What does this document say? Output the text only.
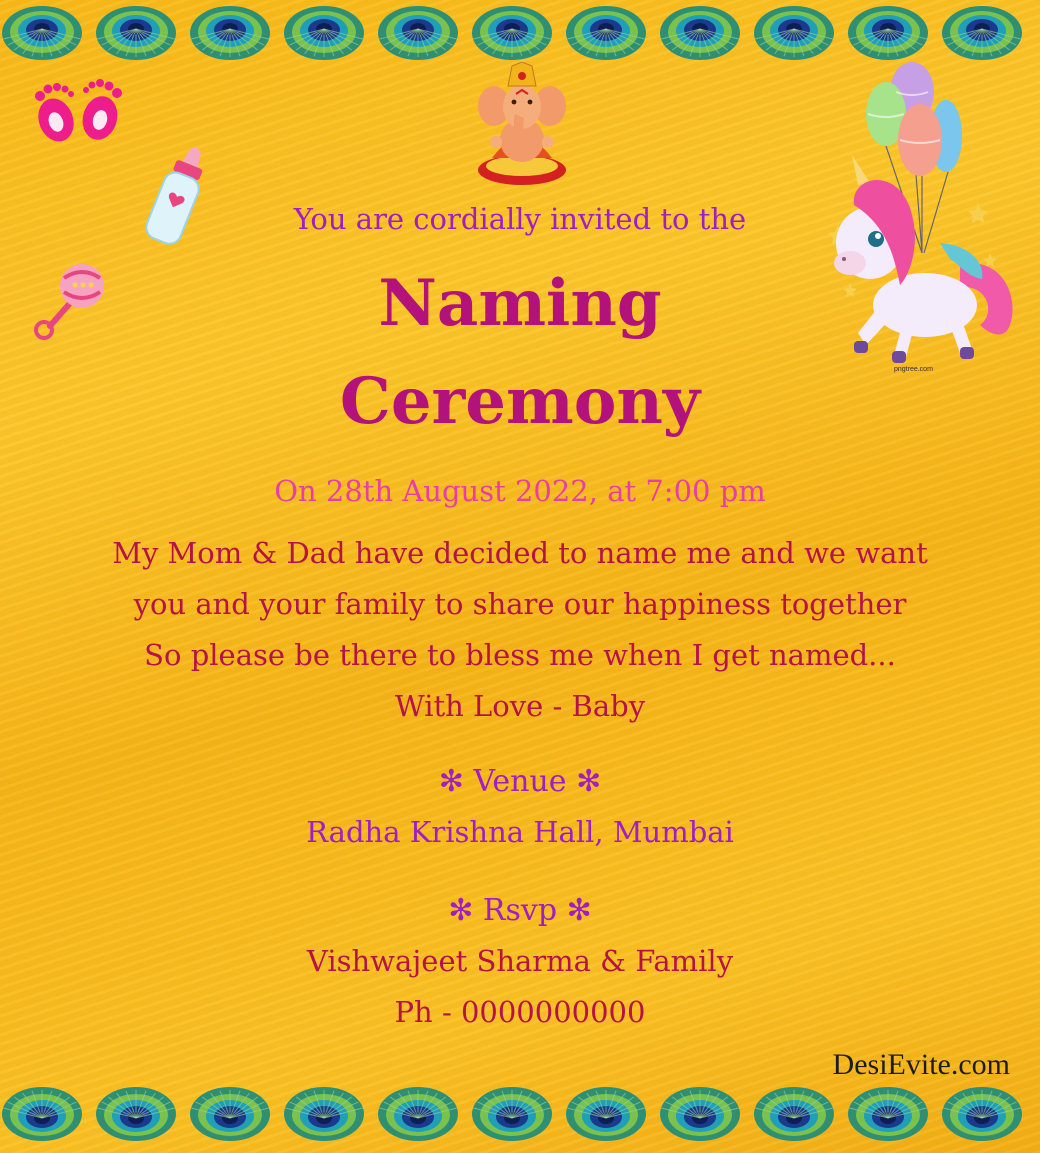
pngtree.com
You are cordially invited to the
Naming
Ceremony
On 28th August 2022, at 7:00 pm
My Mom & Dad have decided to name me and we want
you and your family to share our happiness together
So please be there to bless me when I get named...
With Love - Baby
✻ Venue ✻
Radha Krishna Hall, Mumbai
✻ Rsvp ✻
Vishwajeet Sharma & Family
Ph - 0000000000
DesiEvite.com
